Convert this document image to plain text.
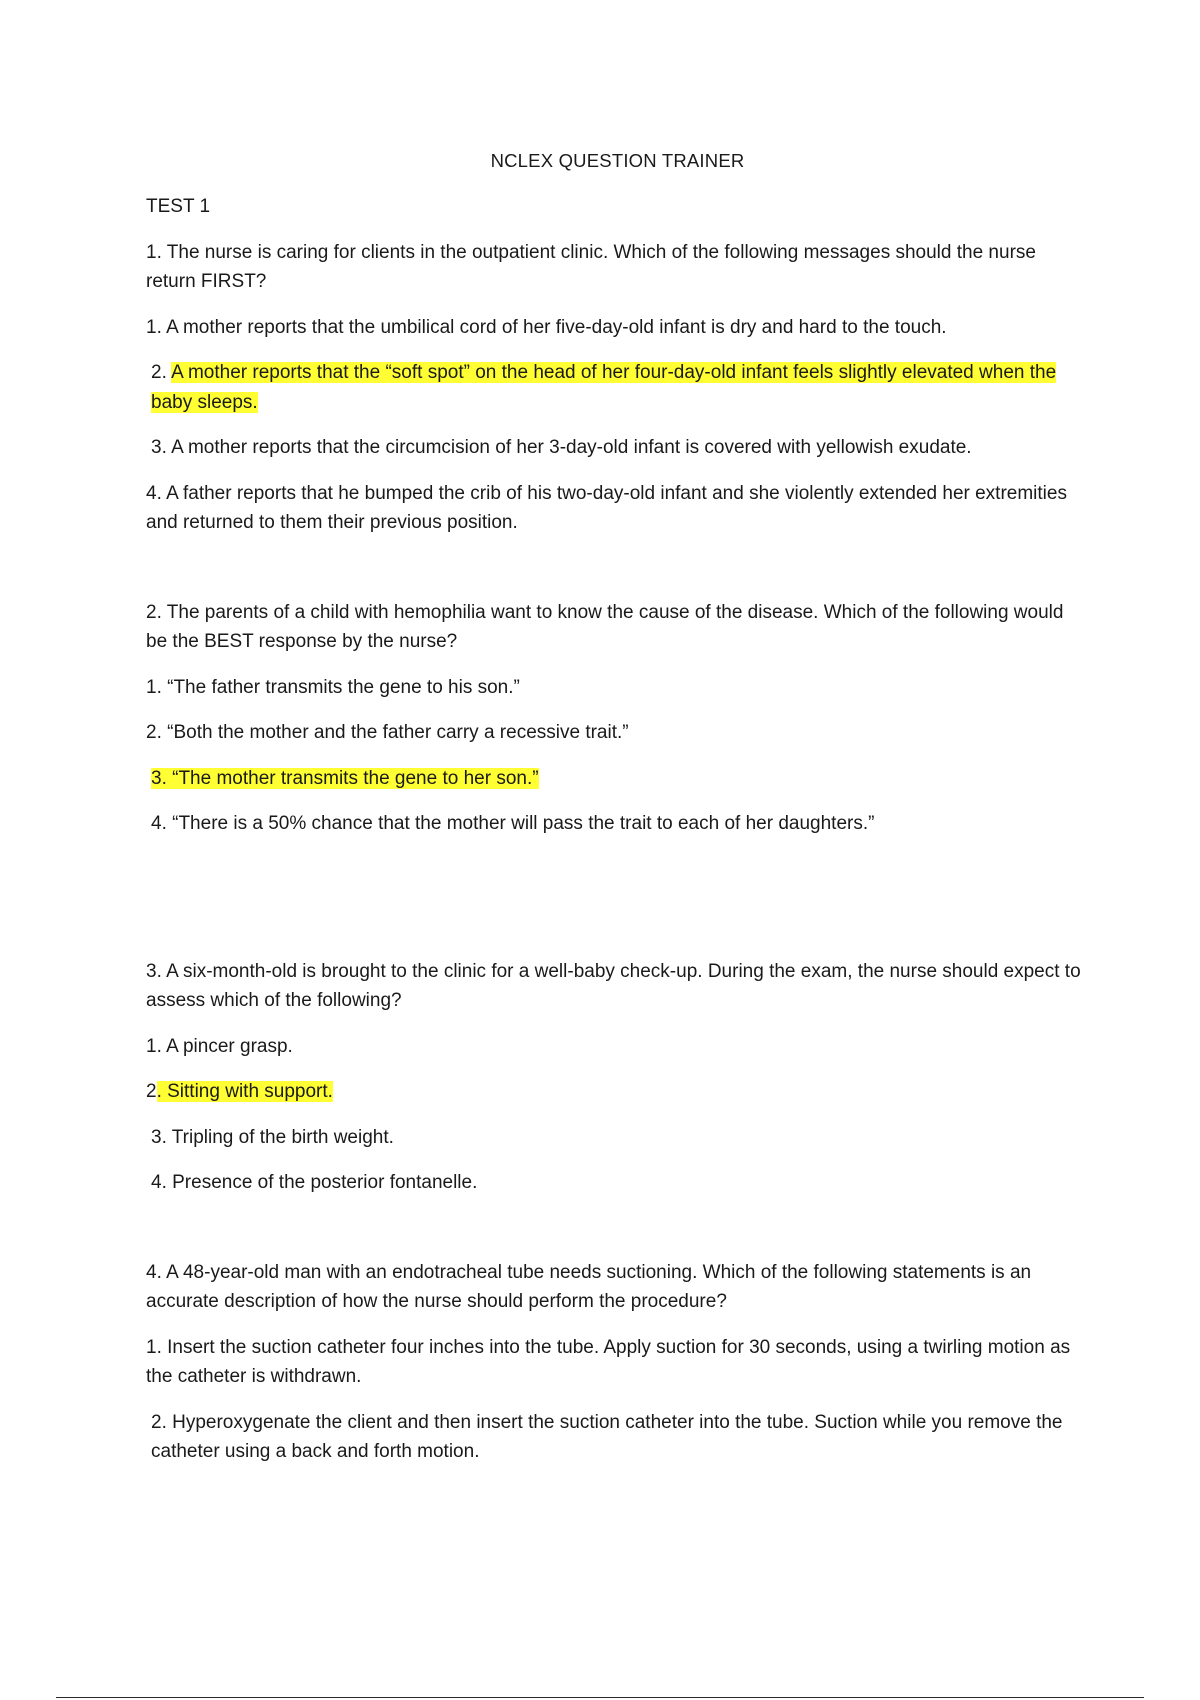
NCLEX QUESTION TRAINER
TEST 1
1. The nurse is caring for clients in the outpatient clinic. Which of the following messages should the nurse return FIRST?
1. A mother reports that the umbilical cord of her five-day-old infant is dry and hard to the touch.
2. A mother reports that the “soft spot” on the head of her four-day-old infant feels slightly elevated when the baby sleeps.
3. A mother reports that the circumcision of her 3-day-old infant is covered with yellowish exudate.
4. A father reports that he bumped the crib of his two-day-old infant and she violently extended her extremities and returned to them their previous position.
2. The parents of a child with hemophilia want to know the cause of the disease. Which of the following would be the BEST response by the nurse?
1. “The father transmits the gene to his son.”
2. “Both the mother and the father carry a recessive trait.”
3. “The mother transmits the gene to her son.”
4. “There is a 50% chance that the mother will pass the trait to each of her daughters.”
3. A six-month-old is brought to the clinic for a well-baby check-up. During the exam, the nurse should expect to assess which of the following?
1. A pincer grasp.
2. Sitting with support.
3. Tripling of the birth weight.
4. Presence of the posterior fontanelle.
4. A 48-year-old man with an endotracheal tube needs suctioning. Which of the following statements is an accurate description of how the nurse should perform the procedure?
1. Insert the suction catheter four inches into the tube. Apply suction for 30 seconds, using a twirling motion as the catheter is withdrawn.
2. Hyperoxygenate the client and then insert the suction catheter into the tube. Suction while you remove the catheter using a back and forth motion.
